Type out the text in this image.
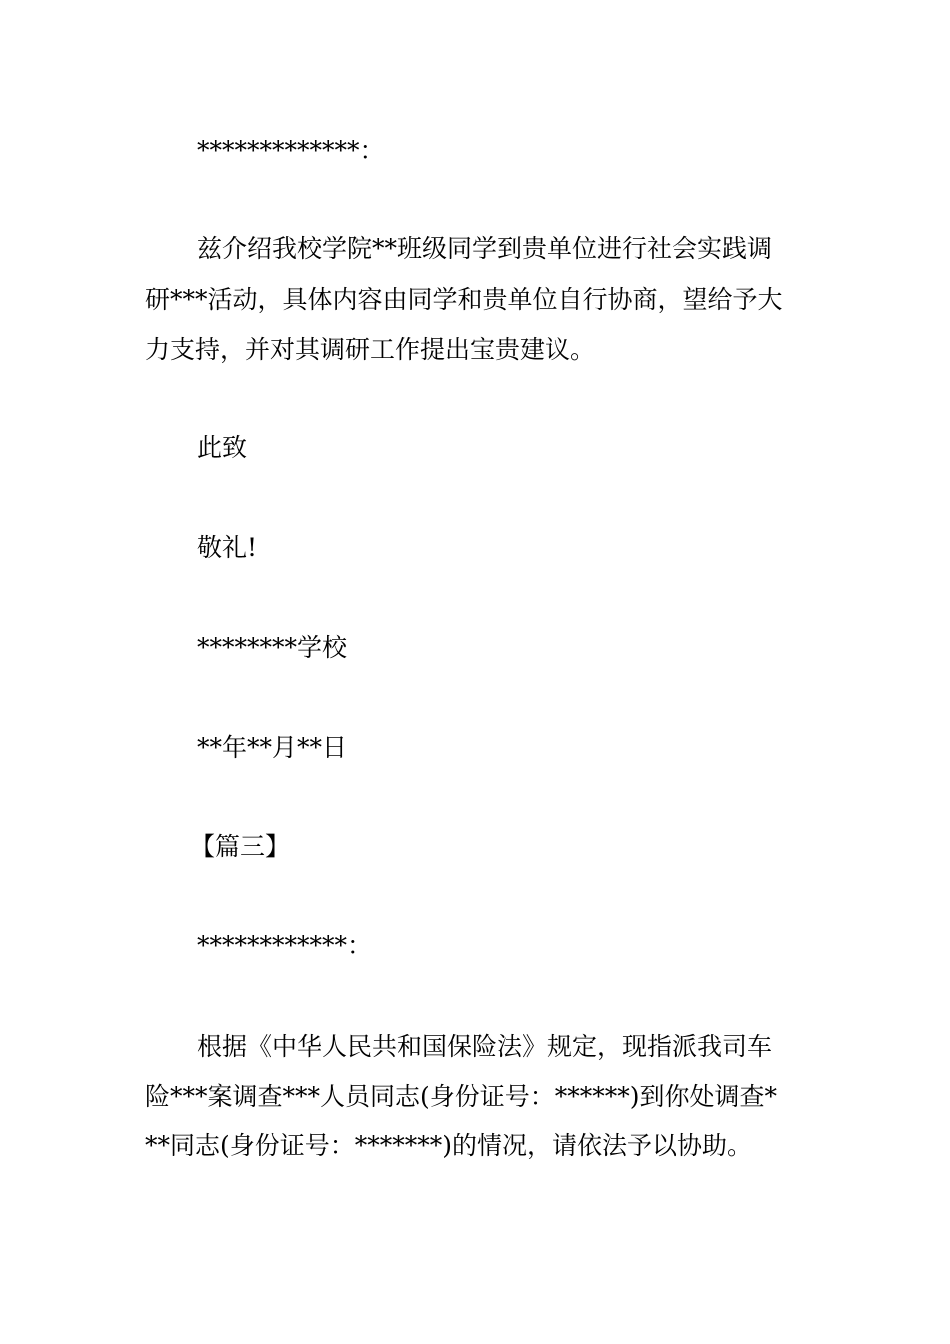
*************：
兹介绍我校学院**班级同学到贵单位进行社会实践调
研***活动，具体内容由同学和贵单位自行协商，望给予大
力支持，并对其调研工作提出宝贵建议。
此致
敬礼!
********学校
**年**月**日
【篇三】
************：
根据《中华人民共和国保险法》规定，现指派我司车
险***案调查***人员同志(身份证号：******)到你处调查*
**同志(身份证号：*******)的情况，请依法予以协助。
